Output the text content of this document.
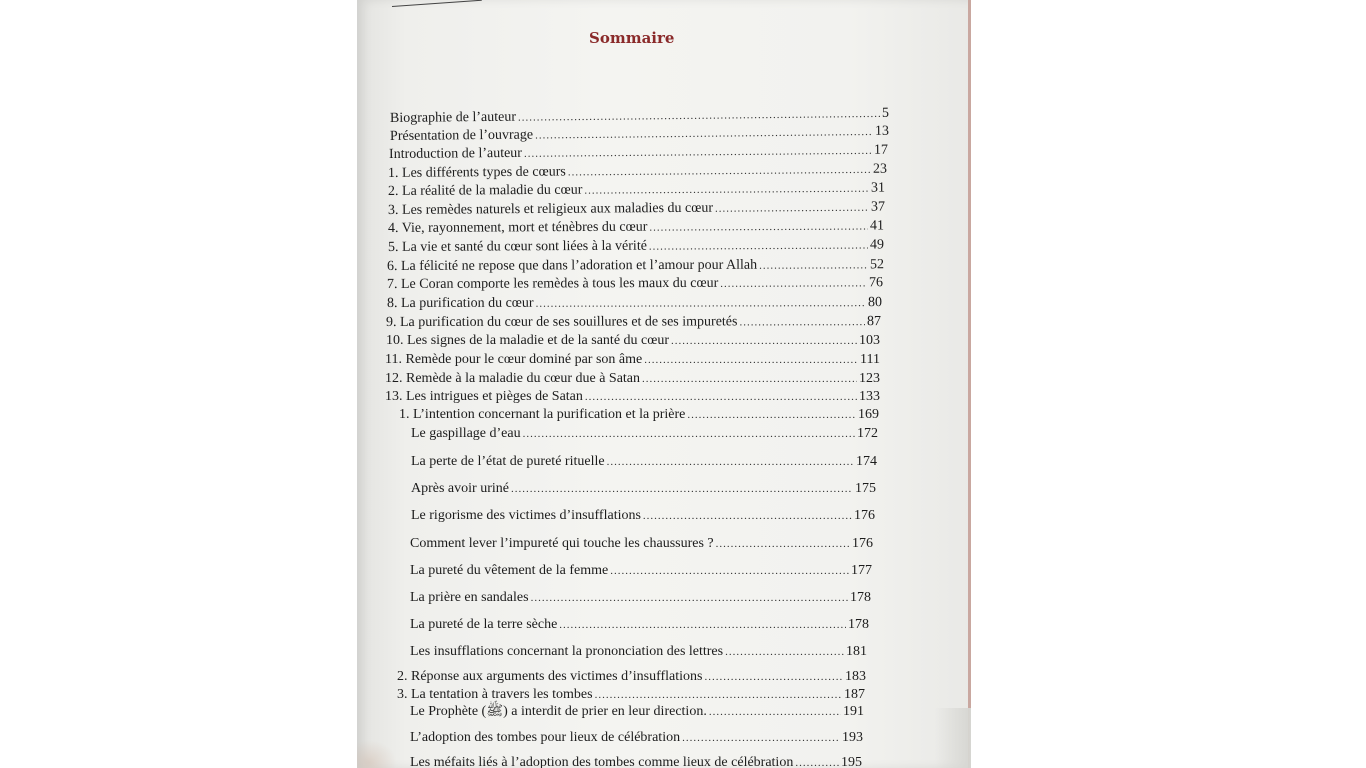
Sommaire
Biographie de l’auteur .....	5
Présentation de l’ouvrage .....	13
Introduction de l’auteur .....	17
1. Les différents types de cœurs .....	23
2. La réalité de la maladie du cœur .....	31
3. Les remèdes naturels et religieux aux maladies du cœur .....	37
4. Vie, rayonnement, mort et ténèbres du cœur .....	41
5. La vie et santé du cœur sont liées à la vérité .....	49
6. La félicité ne repose que dans l’adoration et l’amour pour Allah .....	52
7. Le Coran comporte les remèdes à tous les maux du cœur .....	76
8. La purification du cœur .....	80
9. La purification du cœur de ses souillures et de ses impuretés .....	87
10. Les signes de la maladie et de la santé du cœur .....	103
11. Remède pour le cœur dominé par son âme .....	111
12. Remède à la maladie du cœur due à Satan .....	123
13. Les intrigues et pièges de Satan .....	133
1. L’intention concernant la purification et la prière .....	169
Le gaspillage d’eau .....	172
La perte de l’état de pureté rituelle .....	174
Après avoir uriné .....	175
Le rigorisme des victimes d’insufflations .....	176
Comment lever l’impureté qui touche les chaussures ? .....	176
La pureté du vêtement de la femme .....	177
La prière en sandales .....	178
La pureté de la terre sèche .....	178
Les insufflations concernant la prononciation des lettres .....	181
2. Réponse aux arguments des victimes d’insufflations .....	183
3. La tentation à travers les tombes .....	187
Le Prophète (ﷺ) a interdit de prier en leur direction. .....	191
L’adoption des tombes pour lieux de célébration .....	193
Les méfaits liés à l’adoption des tombes comme lieux de célébration .....	195
